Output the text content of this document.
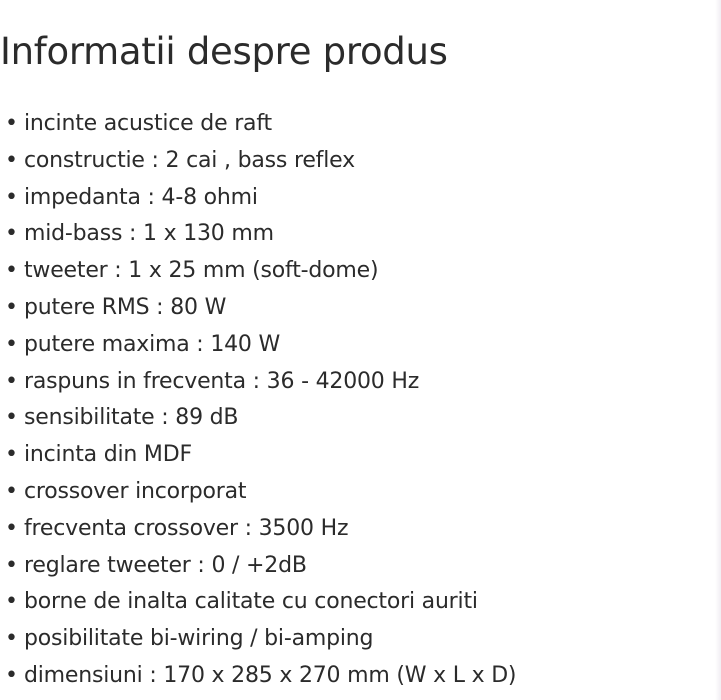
Informatii despre produs
• incinte acustice de raft
• constructie : 2 cai , bass reflex
• impedanta : 4-8 ohmi
• mid-bass : 1 x 130 mm
• tweeter : 1 x 25 mm (soft-dome)
• putere RMS : 80 W
• putere maxima : 140 W
• raspuns in frecventa : 36 - 42000 Hz
• sensibilitate : 89 dB
• incinta din MDF
• crossover incorporat
• frecventa crossover : 3500 Hz
• reglare tweeter : 0 / +2dB
• borne de inalta calitate cu conectori auriti
• posibilitate bi-wiring / bi-amping
• dimensiuni : 170 x 285 x 270 mm (W x L x D)
